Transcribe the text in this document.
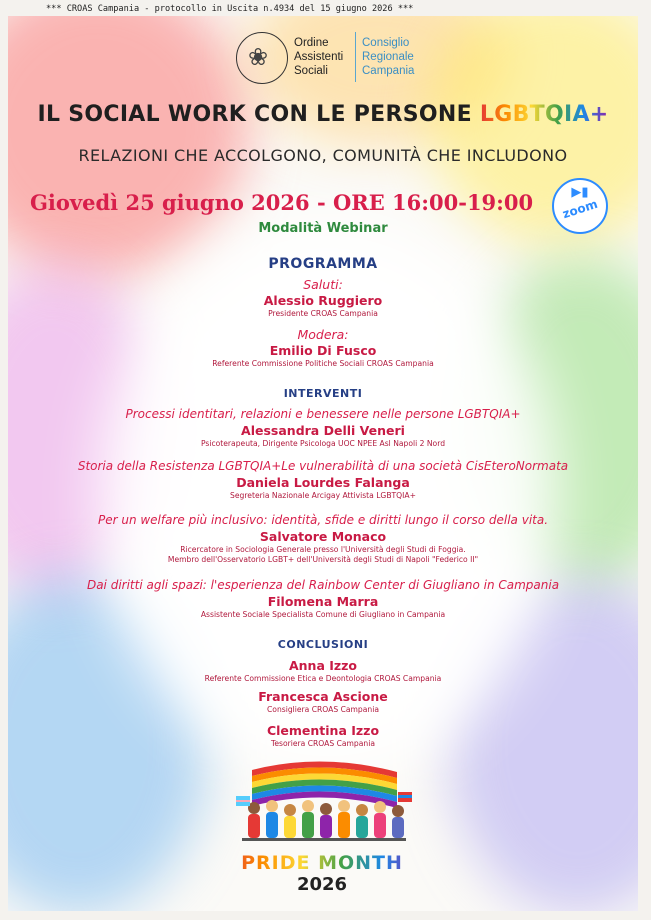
*** CROAS Campania - protocollo in Uscita n.4934 del 15 giugno 2026 ***
❀ Ordine
Assistenti
Sociali
Consiglio
Regionale
Campania
IL SOCIAL WORK CON LE PERSONE LGBTQIA+
RELAZIONI CHE ACCOLGONO, COMUNITÀ CHE INCLUDONO
Giovedì 25 giugno 2026 - ORE 16:00-19:00	▶▮
zoom
Modalità Webinar
PROGRAMMA
Saluti:
Alessio Ruggiero
Presidente CROAS Campania
Modera:
Emilio Di Fusco
Referente Commissione Politiche Sociali CROAS Campania
INTERVENTI
Processi identitari, relazioni e benessere nelle persone LGBTQIA+
Alessandra Delli Veneri
Psicoterapeuta, Dirigente Psicologa UOC NPEE Asl Napoli 2 Nord
Storia della Resistenza LGBTQIA+Le vulnerabilità di una società CisEteroNormata
Daniela Lourdes Falanga
Segreteria Nazionale Arcigay Attivista LGBTQIA+
Per un welfare più inclusivo: identità, sfide e diritti lungo il corso della vita.
Salvatore Monaco
Ricercatore in Sociologia Generale presso l'Università degli Studi di Foggia.
Membro dell'Osservatorio LGBT+ dell'Università degli Studi di Napoli "Federico II"
Dai diritti agli spazi: l'esperienza del Rainbow Center di Giugliano in Campania
Filomena Marra
Assistente Sociale Specialista Comune di Giugliano in Campania
CONCLUSIONI
Anna Izzo
Referente Commissione Etica e Deontologia CROAS Campania
Francesca Ascione
Consigliera CROAS Campania
Clementina Izzo
Tesoriera CROAS Campania
PRIDE MONTH
2026
